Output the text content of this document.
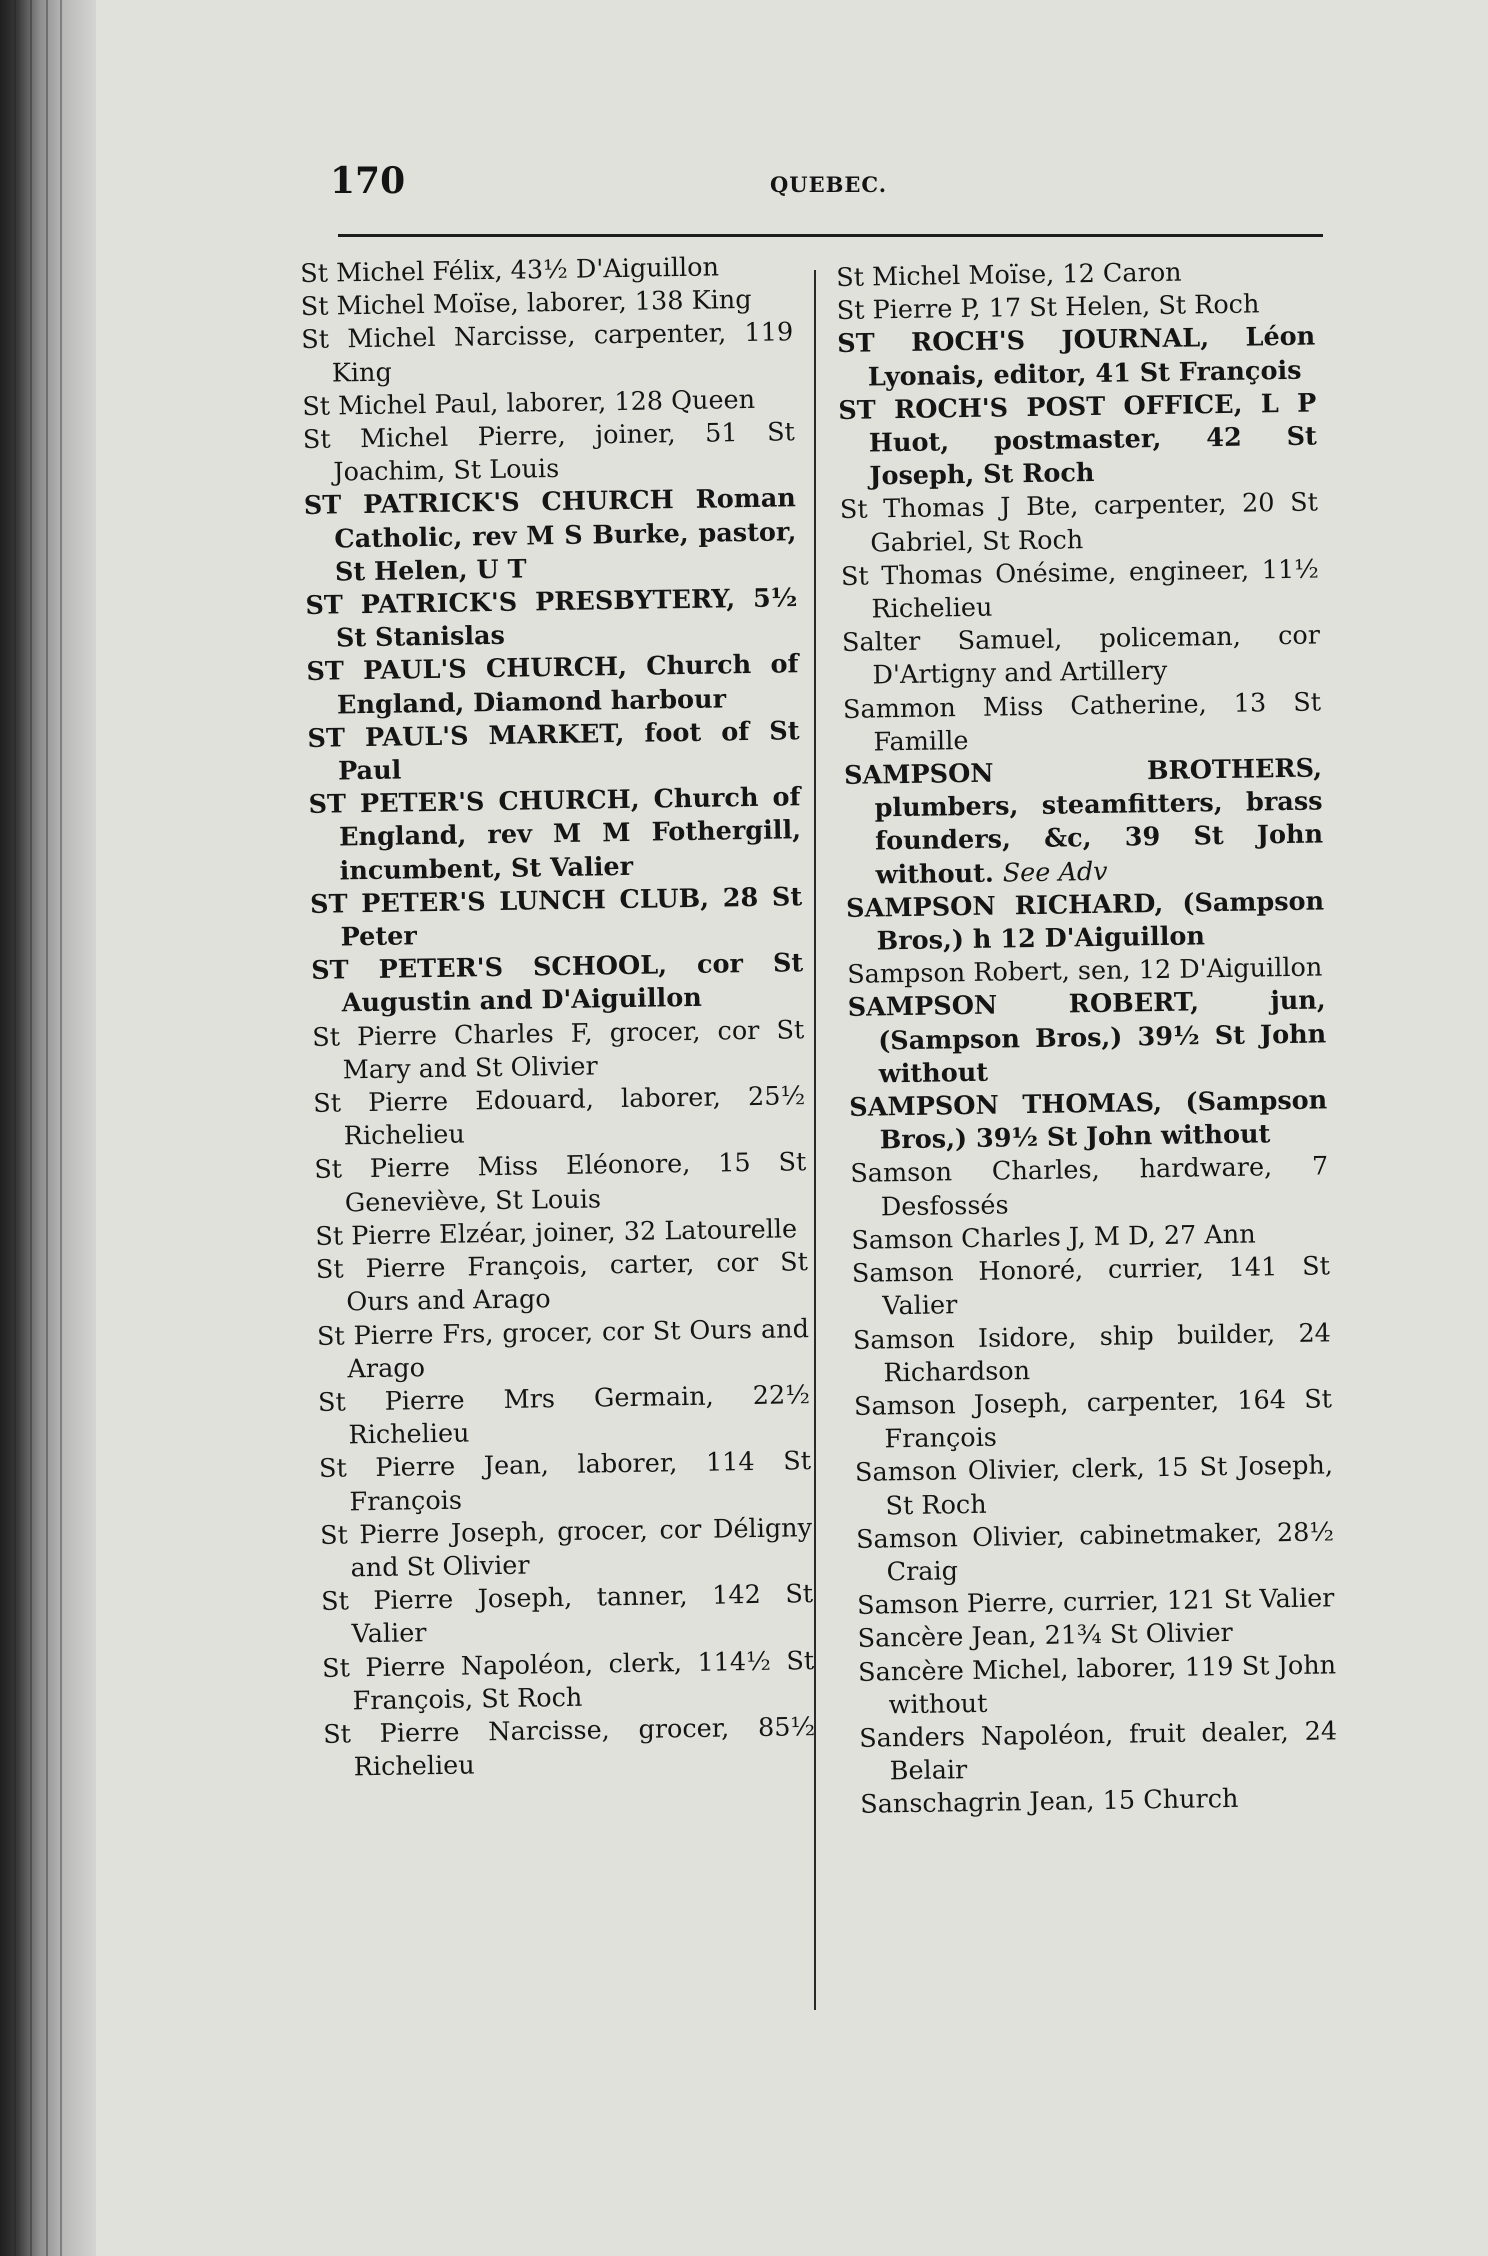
170	QUEBEC.

St Michel Félix, 43½ D'Aiguillon

St Michel Moïse, laborer, 138 King

St Michel Narcisse, carpenter, 119 King

St Michel Paul, laborer, 128 Queen

St Michel Pierre, joiner, 51 St Joachim, St Louis

ST PATRICK'S CHURCH Roman Catholic, rev M S Burke, pastor, St Helen, U T

ST PATRICK'S PRESBYTERY, 5½ St Stanislas

ST PAUL'S CHURCH, Church of England, Diamond harbour

ST PAUL'S MARKET, foot of St Paul

ST PETER'S CHURCH, Church of England, rev M M Fothergill, incumbent, St Valier

ST PETER'S LUNCH CLUB, 28 St Peter

ST PETER'S SCHOOL, cor St Augustin and D'Aiguillon

St Pierre Charles F, grocer, cor St Mary and St Olivier

St Pierre Edouard, laborer, 25½ Richelieu

St Pierre Miss Eléonore, 15 St Geneviève, St Louis

St Pierre Elzéar, joiner, 32 Latourelle

St Pierre François, carter, cor St Ours and Arago

St Pierre Frs, grocer, cor St Ours and Arago

St Pierre Mrs Germain, 22½ Richelieu

St Pierre Jean, laborer, 114 St François

St Pierre Joseph, grocer, cor Déligny and St Olivier

St Pierre Joseph, tanner, 142 St Valier

St Pierre Napoléon, clerk, 114½ St François, St Roch

St Pierre Narcisse, grocer, 85½ Richelieu

St Michel Moïse, 12 Caron

St Pierre P, 17 St Helen, St Roch

ST ROCH'S JOURNAL, Léon Lyonais, editor, 41 St François

ST ROCH'S POST OFFICE, L P Huot, postmaster, 42 St Joseph, St Roch

St Thomas J Bte, carpenter, 20 St Gabriel, St Roch

St Thomas Onésime, engineer, 11½ Richelieu

Salter Samuel, policeman, cor D'Artigny and Artillery

Sammon Miss Catherine, 13 St Famille

SAMPSON BROTHERS, plumbers, steamfitters, brass founders, &c, 39 St John without. See Adv

SAMPSON RICHARD, (Sampson Bros,) h 12 D'Aiguillon

Sampson Robert, sen, 12 D'Aiguillon

SAMPSON ROBERT, jun, (Sampson Bros,) 39½ St John without

SAMPSON THOMAS, (Sampson Bros,) 39½ St John without

Samson Charles, hardware, 7 Desfossés

Samson Charles J, M D, 27 Ann

Samson Honoré, currier, 141 St Valier

Samson Isidore, ship builder, 24 Richardson

Samson Joseph, carpenter, 164 St François

Samson Olivier, clerk, 15 St Joseph, St Roch

Samson Olivier, cabinetmaker, 28½ Craig

Samson Pierre, currier, 121 St Valier

Sancère Jean, 21¾ St Olivier

Sancère Michel, laborer, 119 St John without

Sanders Napoléon, fruit dealer, 24 Belair

Sanschagrin Jean, 15 Church
